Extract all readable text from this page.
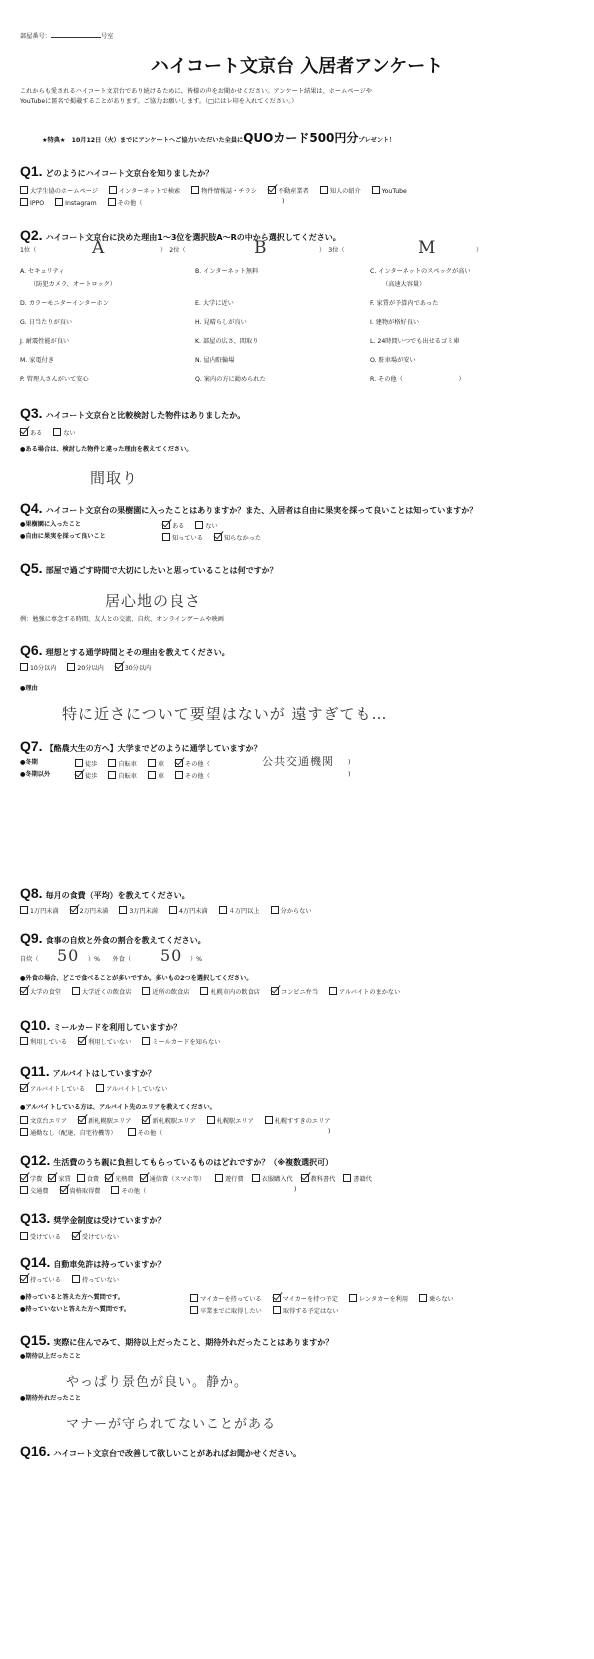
部屋番号：	号室
ハイコート文京台 入居者アンケート
これからも愛されるハイコート文京台であり続けるために、皆様の声をお聞かせください。アンケート結果は、ホームページや
YouTubeに匿名で掲載することがあります。ご協力お願いします。（□にはレ印を入れてください。）
★特典★　10月12日（火）までにアンケートへご協力いただいた全員にQUOカード500円分プレゼント！
Q1. どのようにハイコート文京台を知りましたか？
大学生協のホームページ	インターネットで検索	物件情報誌・チラシ	不動産業者	知人の紹介	YouTube
IPPO	Instagram	その他（	)
Q2. ハイコート文京台に決めた理由1〜3位を選択肢A〜Rの中から選択してください。
1位（	A	）　2位（	B	）　3位（	M	）
A. セキュリティ	B. インターネット無料	C. インターネットのスペックが高い
（防犯カメラ、オートロック）	（高速大容量）
D. カラーモニターインターホン	E. 大学に近い	F. 家賃が予算内であった
G. 日当たりが良い	H. 見晴らしが良い	I. 建物が格好良い
J. 耐震性能が良い	K. 部屋の広さ、間取り	L. 24時間いつでも出せるゴミ庫
M. 家電付き	N. 屋内駐輪場	O. 駐車場が安い
P. 管理人さんがいて安心	Q. 案内の方に勧められた	R. その他（　　　　　　　　　）
Q3. ハイコート文京台と比較検討した物件はありましたか。
ある	ない
●ある場合は、検討した物件と違った理由を教えてください。
間取り
Q4. ハイコート文京台の果樹園に入ったことはありますか？また、入居者は自由に果実を採って良いことは知っていますか？
●果樹園に入ったこと	ある	ない
●自由に果実を採って良いこと	知っている	知らなかった
Q5. 部屋で過ごす時間で大切にしたいと思っていることは何ですか？
居心地の良さ
例：勉強に専念する時間、友人との交流、自炊、オンラインゲームや映画
Q6. 理想とする通学時間とその理由を教えてください。
10分以内	20分以内	30分以内
●理由
特に近さについて要望はないが 遠すぎても…
Q7. 【酪農大生の方へ】大学までどのように通学していますか？
●冬期	徒歩	自転車	車	その他（	公共交通機関 )
●冬期以外	徒歩	自転車	車	その他（	)
Q8. 毎月の食費（平均）を教えてください。
1万円未満	2万円未満	3万円未満	4万円未満	４万円以上	分からない
Q9. 食事の自炊と外食の割合を教えてください。
自炊（ 50 ）%　　外食（ 50 ）%
●外食の場合、どこで食べることが多いですか。多いもの2つを選択してください。
大学の食堂	大学近くの飲食店	近所の飲食店	札幌市内の飲食店	コンビニ弁当	アルバイトのまかない
Q10. ミールカードを利用していますか？
利用している	利用していない	ミールカードを知らない
Q11. アルバイトはしていますか？
アルバイトしている	アルバイトしていない
●アルバイトしている方は、アルバイト先のエリアを教えてください。
文京台エリア	新札幌駅エリア	新札幌駅エリア	札幌駅エリア	札幌すすきのエリア
通勤なし（配達、自宅待機等）	その他（	)
Q12. 生活費のうち親に負担してもらっているものはどれですか？（※複数選択可）
学費	家賃	食費	光熱費	通信費（スマホ等）	遊行費	衣服購入代	教科書代	書籍代
交通費	資格取得費	その他（	)
Q13. 奨学金制度は受けていますか？
受けている	受けていない
Q14. 自動車免許は持っていますか？
持っている	持っていない
●持っていると答えた方へ質問です。	マイカーを持っている	マイカーを持つ予定	レンタカーを利用	乗らない
●持っていないと答えた方へ質問です。	卒業までに取得したい	取得する予定はない
Q15. 実際に住んでみて、期待以上だったこと、期待外れだったことはありますか？
●期待以上だったこと
やっぱり景色が良い。静か。
●期待外れだったこと
マナーが守られてないことがある
Q16. ハイコート文京台で改善して欲しいことがあればお聞かせください。
